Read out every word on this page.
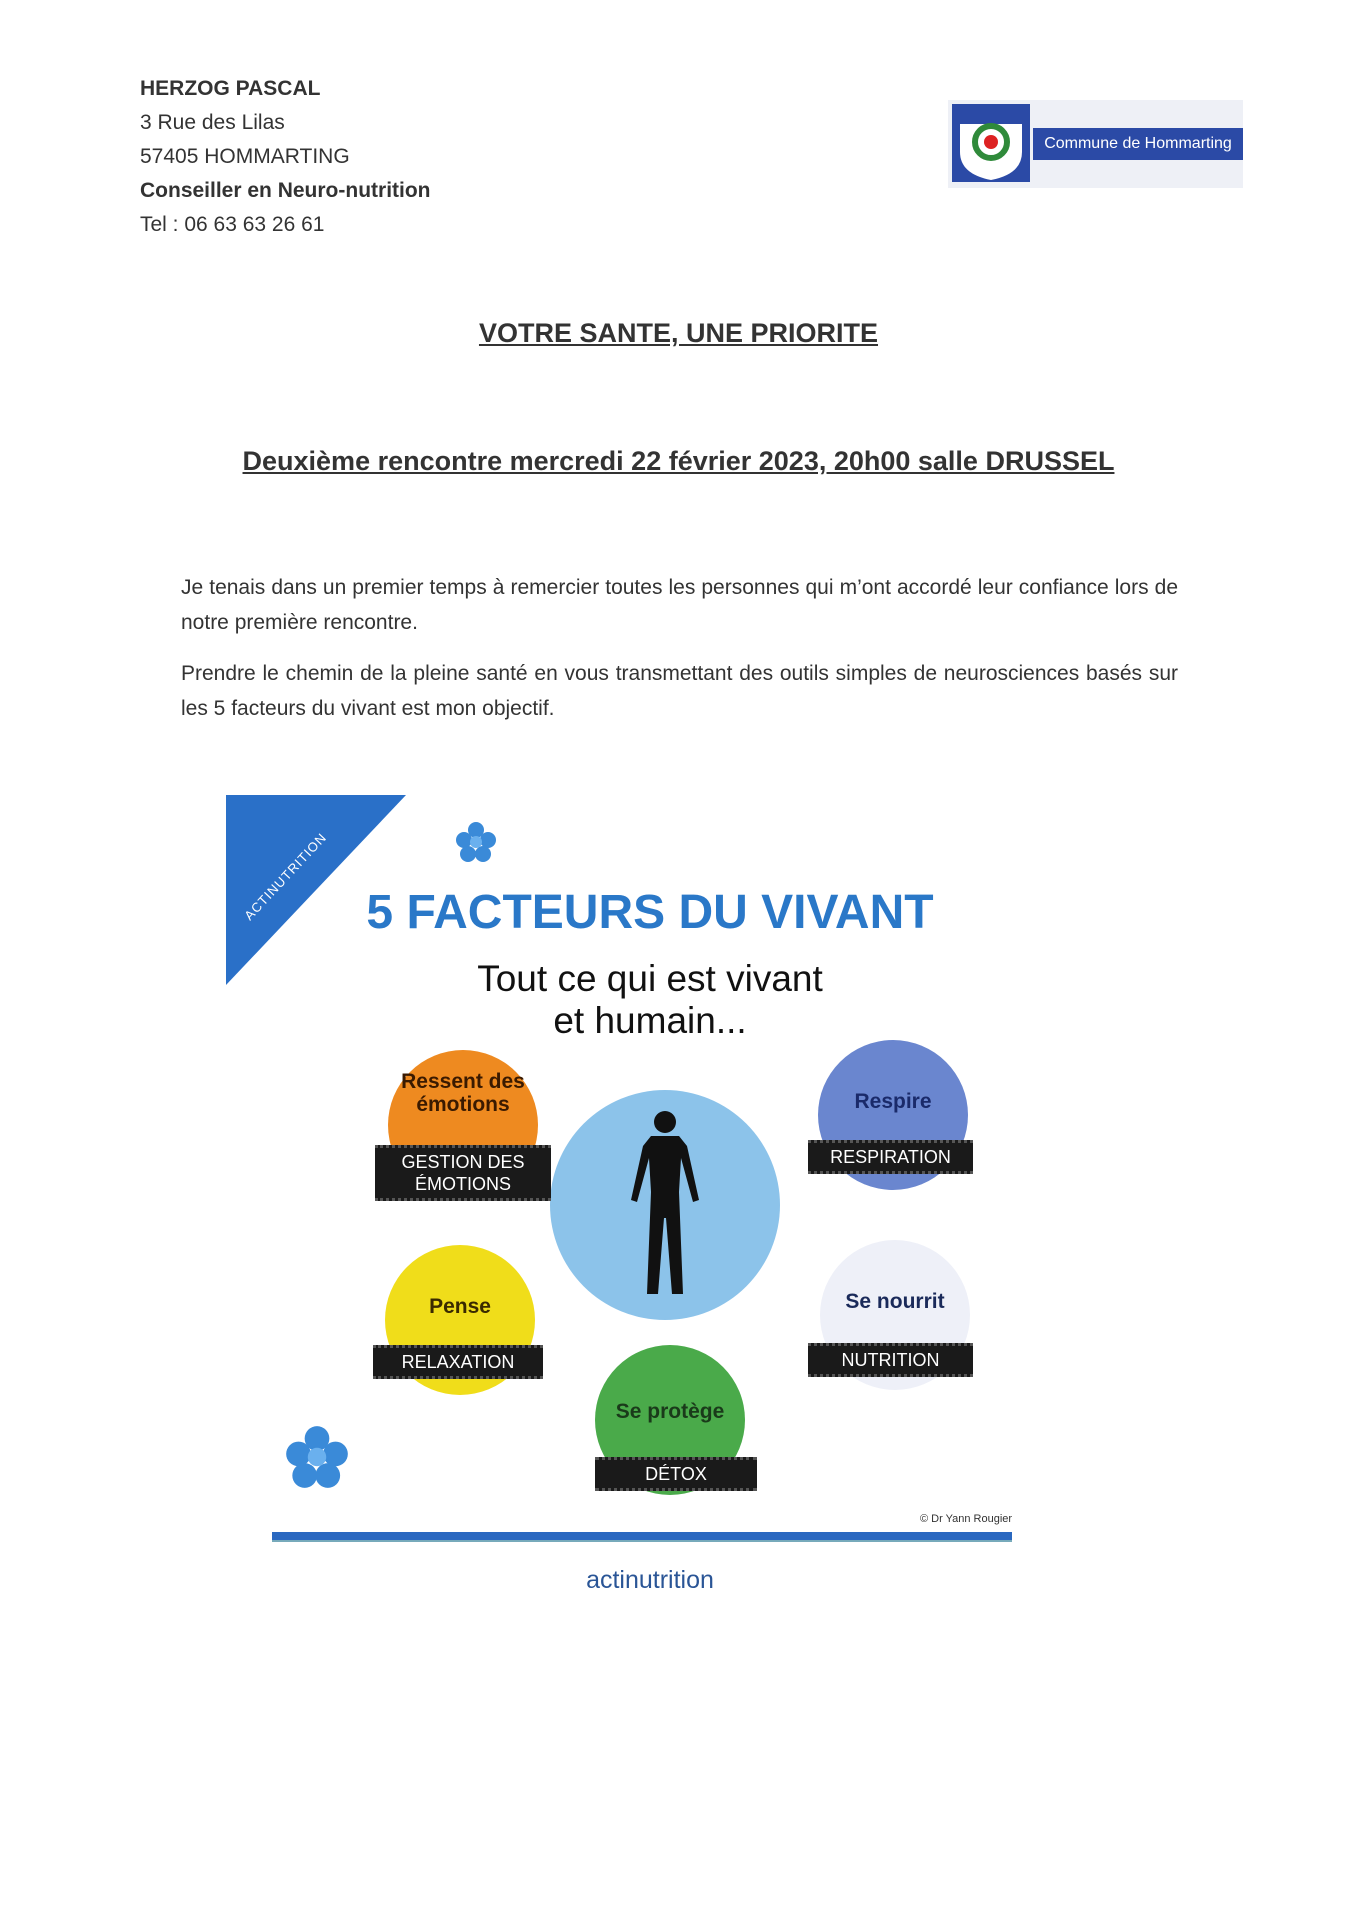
HERZOG PASCAL
3 Rue des Lilas
57405 HOMMARTING
Conseiller en Neuro-nutrition
Tel : 06 63 63 26 61
Commune de Hommarting
VOTRE SANTE, UNE PRIORITE
Deuxième rencontre mercredi 22 février 2023, 20h00 salle DRUSSEL
Je tenais dans un premier temps à remercier toutes les personnes qui m’ont accordé leur confiance lors de notre première rencontre.
Prendre le chemin de la pleine santé en vous transmettant des outils simples de neurosciences basés sur les 5 facteurs du vivant est mon objectif.
ACTINUTRITION 5 FACTEURS DU VIVANT
Tout ce qui est vivant
et humain...
Ressent des émotions
GESTION DES ÉMOTIONS
Respire
RESPIRATION
Pense
RELAXATION
Se nourrit
NUTRITION
Se protège
DÉTOX
© Dr Yann Rougier
actinutrition
